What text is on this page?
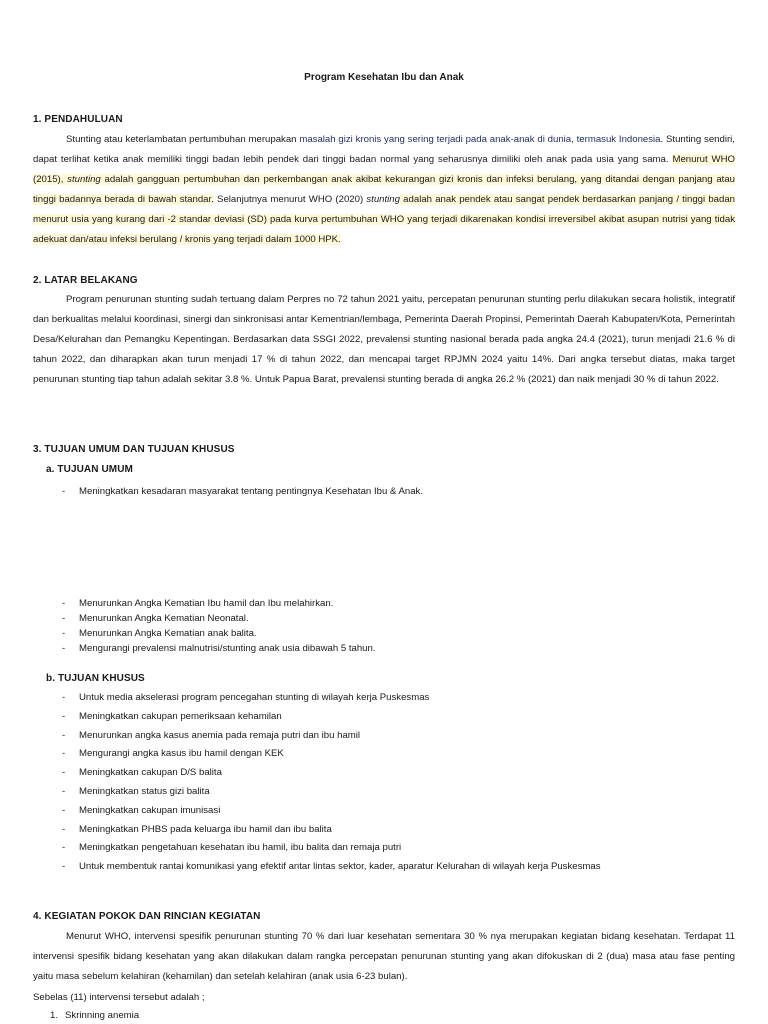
Program Kesehatan Ibu dan Anak
1. PENDAHULUAN

Stunting atau keterlambatan pertumbuhan merupakan masalah gizi kronis yang sering terjadi pada anak-anak di dunia, termasuk Indonesia. Stunting sendiri, dapat terlihat ketika anak memiliki tinggi badan lebih pendek dari tinggi badan normal yang seharusnya dimiliki oleh anak pada usia yang sama. Menurut WHO (2015), stunting adalah gangguan pertumbuhan dan perkembangan anak akibat kekurangan gizi kronis dan infeksi berulang, yang ditandai dengan panjang atau tinggi badannya berada di bawah standar. Selanjutnya menurut WHO (2020) stunting adalah anak pendek atau sangat pendek berdasarkan panjang / tinggi badan menurut usia yang kurang dari -2 standar deviasi (SD) pada kurva pertumbuhan WHO yang terjadi dikarenakan kondisi irreversibel akibat asupan nutrisi yang tidak adekuat dan/atau infeksi berulang / kronis yang terjadi dalam 1000 HPK.

2. LATAR BELAKANG

Program penurunan stunting sudah tertuang dalam Perpres no 72 tahun 2021 yaitu, percepatan penurunan stunting perlu dilakukan secara holistik, integratif dan berkualitas melalui koordinasi, sinergi dan sinkronisasi antar Kementrian/lembaga, Pemerinta Daerah Propinsi, Pemerintah Daerah Kabupaten/Kota, Pemerintah Desa/Kelurahan dan Pemangku Kepentingan. Berdasarkan data SSGI 2022, prevalensi stunting nasional berada pada angka 24.4 (2021), turun menjadi 21.6 % di tahun 2022, dan diharapkan akan turun menjadi 17 % di tahun 2022, dan mencapai target RPJMN 2024 yaitu 14%. Dari angka tersebut diatas, maka target penurunan stunting tiap tahun adalah sekitar 3.8 %. Untuk Papua Barat, prevalensi stunting berada di angka 26.2 % (2021) dan naik menjadi 30 % di tahun 2022.

3. TUJUAN UMUM DAN TUJUAN KHUSUS
a. TUJUAN UMUM
- Meningkatkan kesadaran masyarakat tentang pentingnya Kesehatan Ibu & Anak.
- Menurunkan Angka Kematian Ibu hamil dan Ibu melahirkan.
- Menurunkan Angka Kematian Neonatal.
- Menurunkan Angka Kematian anak balita.
- Mengurangi prevalensi malnutrisi/stunting anak usia dibawah 5 tahun.
b. TUJUAN KHUSUS
- Untuk media akselerasi program pencegahan stunting di wilayah kerja Puskesmas
- Meningkatkan cakupan pemeriksaan kehamilan
- Menurunkan angka kasus anemia pada remaja putri dan ibu hamil
- Mengurangi angka kasus ibu hamil dengan KEK
- Meningkatkan cakupan D/S balita
- Meningkatkan status gizi balita
- Meningkatkan cakupan imunisasi
- Meningkatkan PHBS pada keluarga ibu hamil dan ibu balita
- Meningkatkan pengetahuan kesehatan ibu hamil, ibu balita dan remaja putri
- Untuk membentuk rantai komunikasi yang efektif antar lintas sektor, kader, aparatur Kelurahan di wilayah kerja Puskesmas
4. KEGIATAN POKOK DAN RINCIAN KEGIATAN

Menurut WHO, intervensi spesifik penurunan stunting 70 % dari luar kesehatan sementara 30 % nya merupakan kegiatan bidang kesehatan. Terdapat 11 intervensi spesifik bidang kesehatan yang akan dilakukan dalam rangka percepatan penurunan stunting yang akan difokuskan di 2 (dua) masa atau fase penting yaitu masa sebelum kelahiran (kehamilan) dan setelah kelahiran (anak usia 6-23 bulan).

Sebelas (11) intervensi tersebut adalah ;
1. Skrinning anemia
